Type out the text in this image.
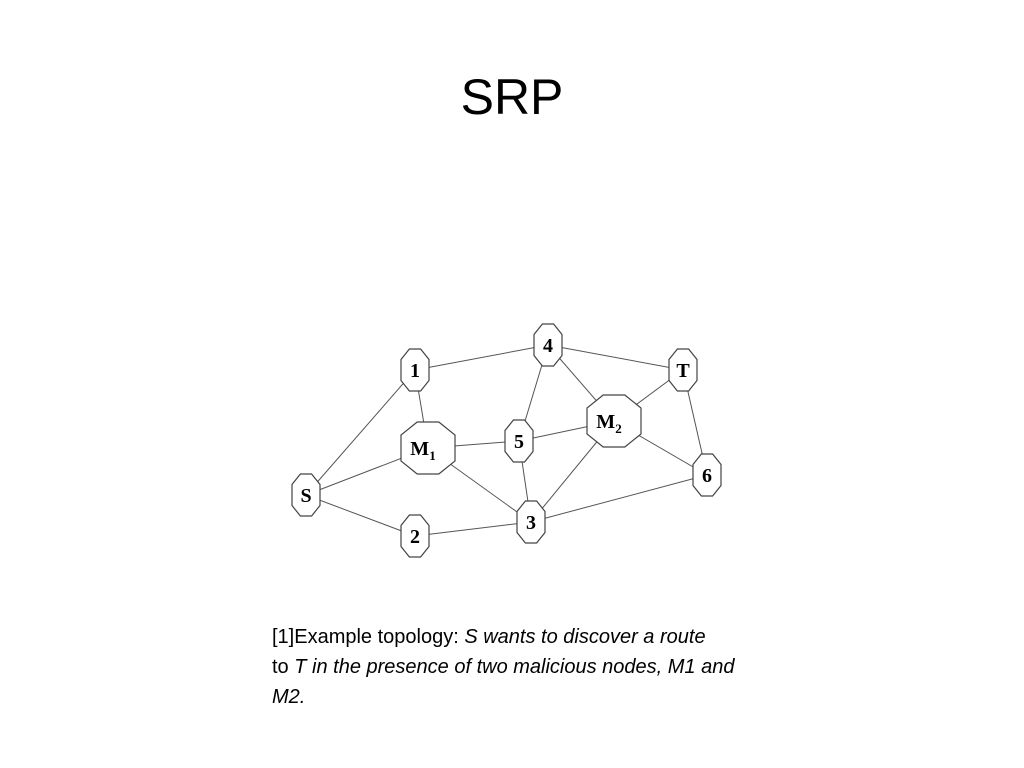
SRP
S
1
2
3
4
5
6
T
$M_1$
$M_2$
[1]Example topology: S wants to discover a route
to T in the presence of two malicious nodes, M1 and M2.
